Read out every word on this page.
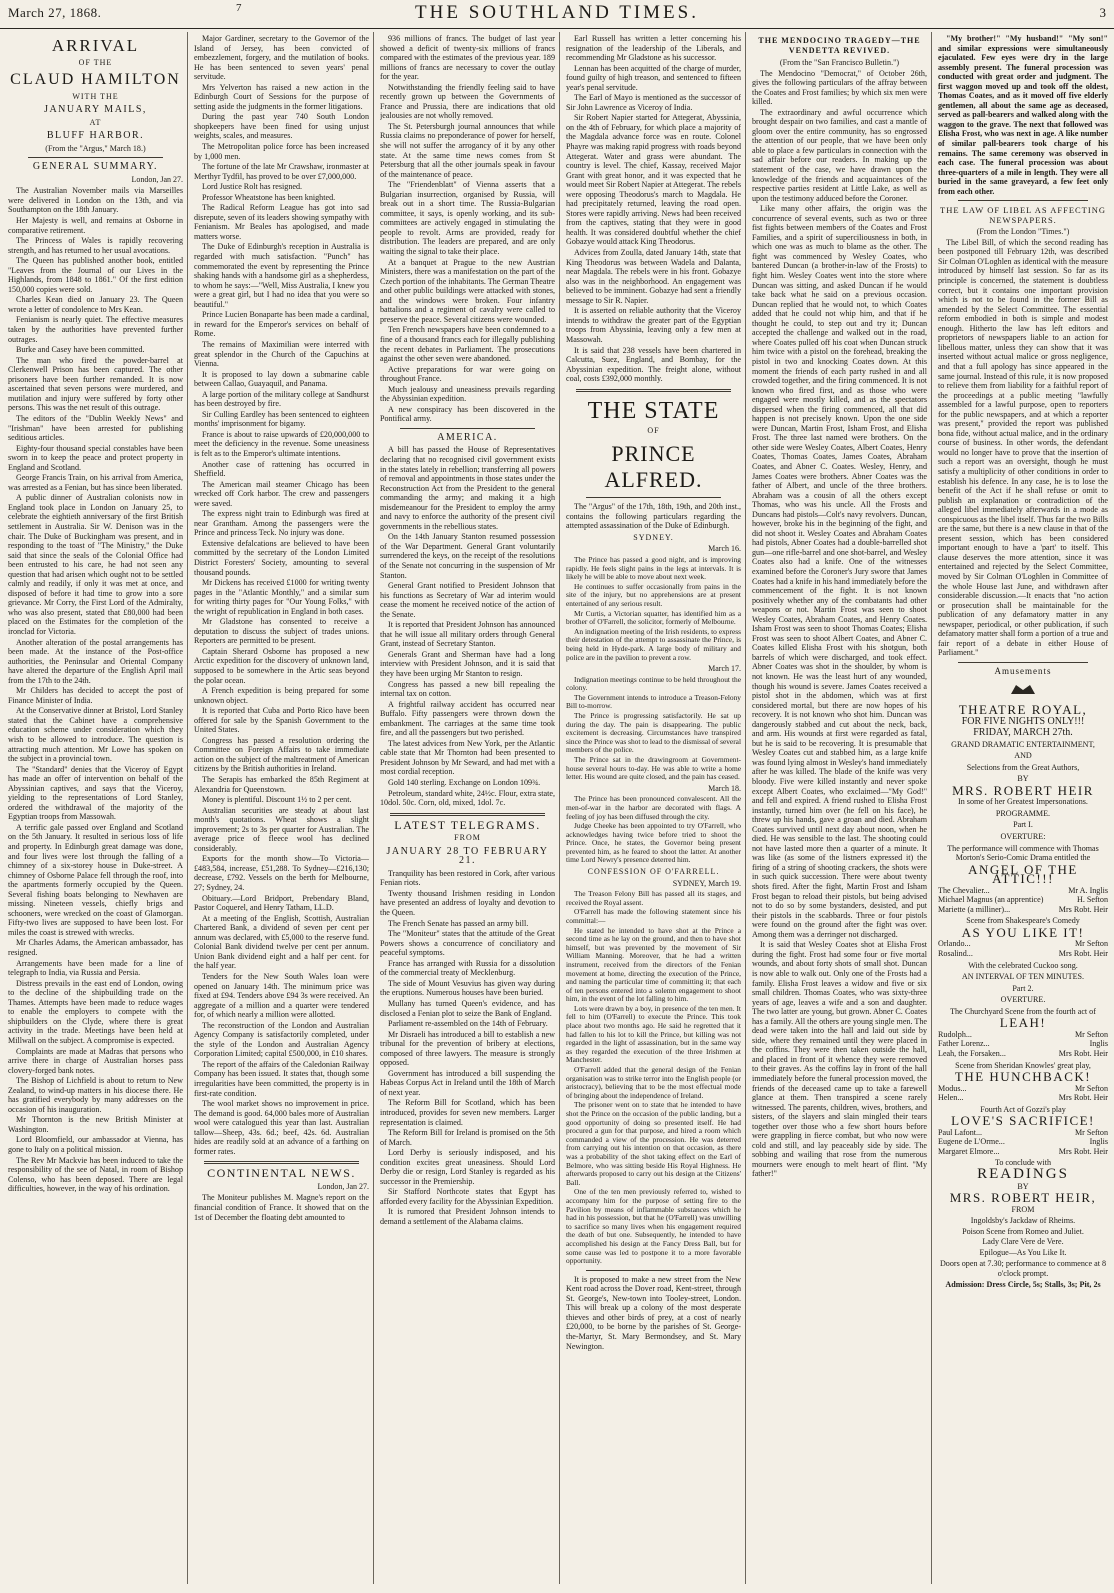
March 27, 1868.	7	THE SOUTHLAND TIMES.	3
ARRIVAL
OF THE
CLAUD HAMILTON
WITH THE
JANUARY MAILS,
AT
BLUFF HARBOR.

(From the "Argus," March 18.)

GENERAL SUMMARY.
London, Jan 27.

The Australian November mails via Marseilles were delivered in London on the 13th, and via Southampton on the 18th January.

Her Majesty is well, and remains at Osborne in comparative retirement.

The Princess of Wales is rapidly recovering strength, and has returned to her usual avocations.

The Queen has published another book, entitled "Leaves from the Journal of our Lives in the Highlands, from 1848 to 1861." Of the first edition 150,000 copies were sold.

Charles Kean died on January 23. The Queen wrote a letter of condolence to Mrs Kean.

Fenianism is nearly quiet. The effective measures taken by the authorities have prevented further outrages.

Burke and Casey have been committed.

The man who fired the powder-barrel at Clerkenwell Prison has been captured. The other prisoners have been further remanded. It is now ascertained that seven persons were murdered, and mutilation and injury were suffered by forty other persons. This was the net result of this outrage.

The editors of the "Dublin Weekly News" and "Irishman" have been arrested for publishing seditious articles.

Eighty-four thousand special constables have been sworn in to keep the peace and protect property in England and Scotland.

George Francis Train, on his arrival from America, was arrested as a Fenian, but has since been liberated.

A public dinner of Australian colonists now in England took place in London on January 25, to celebrate the eightieth anniversary of the first British settlement in Australia. Sir W. Denison was in the chair. The Duke of Buckingham was present, and in responding to the toast of "The Ministry," the Duke said that since the seals of the Colonial Office had been entrusted to his care, he had not seen any question that had arisen which ought not to be settled calmly and readily, if only it was met at once, and disposed of before it had time to grow into a sore grievance. Mr Corry, the First Lord of the Admiralty, who was also present, stated that £80,000 had been placed on the Estimates for the completion of the ironclad for Victoria.

Another alteration of the postal arrangements has been made. At the instance of the Post-office authorities, the Peninsular and Oriental Company have altered the departure of the English April mail from the 17th to the 24th.

Mr Childers has decided to accept the post of Finance Minister of India.

At the Conservative dinner at Bristol, Lord Stanley stated that the Cabinet have a comprehensive education scheme under consideration which they wish to be allowed to introduce. The question is attracting much attention. Mr Lowe has spoken on the subject in a provincial town.

The "Standard" denies that the Viceroy of Egypt has made an offer of intervention on behalf of the Abyssinian captives, and says that the Viceroy, yielding to the representations of Lord Stanley, ordered the withdrawal of the majority of the Egyptian troops from Massowah.

A terrific gale passed over England and Scotland on the 5th January. It resulted in serious loss of life and property. In Edinburgh great damage was done, and four lives were lost through the falling of a chimney of a six-storey house in Duke-street. A chimney of Osborne Palace fell through the roof, into the apartments formerly occupied by the Queen. Several fishing boats belonging to Newhaven are missing. Nineteen vessels, chiefly brigs and schooners, were wrecked on the coast of Glamorgan. Fifty-two lives are supposed to have been lost. For miles the coast is strewed with wrecks.

Mr Charles Adams, the American ambassador, has resigned.

Arrangements have been made for a line of telegraph to India, via Russia and Persia.

Distress prevails in the east end of London, owing to the decline of the shipbuilding trade on the Thames. Attempts have been made to reduce wages to enable the employers to compete with the shipbuilders on the Clyde, where there is great activity in the trade. Meetings have been held at Millwall on the subject. A compromise is expected.

Complaints are made at Madras that persons who arrive there in charge of Australian horses pass clovery-forged bank notes.

The Bishop of Lichfield is about to return to New Zealand, to wind-up matters in his diocese there. He has gratified everybody by many addresses on the occasion of his inauguration.

Mr Thornton is the new British Minister at Washington.

Lord Bloomfield, our ambassador at Vienna, has gone to Italy on a political mission.

The Rev Mr Mackvie has been induced to take the responsibility of the see of Natal, in room of Bishop Colenso, who has been deposed. There are legal difficulties, however, in the way of his ordination.

Major Gardiner, secretary to the Governor of the Island of Jersey, has been convicted of embezzlement, forgery, and the mutilation of books. He has been sentenced to seven years' penal servitude.

Mrs Yelverton has raised a new action in the Edinburgh Court of Sessions for the purpose of setting aside the judgments in the former litigations.

During the past year 740 South London shopkeepers have been fined for using unjust weights, scales, and measures.

The Metropolitan police force has been increased by 1,000 men.

The fortune of the late Mr Crawshaw, ironmaster at Merthyr Tydfil, has proved to be over £7,000,000.

Lord Justice Rolt has resigned.

Professor Wheatstone has been knighted.

The Radical Reform League has got into sad disrepute, seven of its leaders showing sympathy with Fenianism. Mr Beales has apologised, and made matters worse.

The Duke of Edinburgh's reception in Australia is regarded with much satisfaction. "Punch" has commemorated the event by representing the Prince shaking hands with a handsome girl as a shepherdess, to whom he says:—"Well, Miss Australia, I knew you were a great girl, but I had no idea that you were so beautiful."

Prince Lucien Bonaparte has been made a cardinal, in reward for the Emperor's services on behalf of Rome.

The remains of Maximilian were interred with great splendor in the Church of the Capuchins at Vienna.

It is proposed to lay down a submarine cable between Callao, Guayaquil, and Panama.

A large portion of the military college at Sandhurst has been destroyed by fire.

Sir Culling Eardley has been sentenced to eighteen months' imprisonment for bigamy.

France is about to raise upwards of £20,000,000 to meet the deficiency in the revenue. Some uneasiness is felt as to the Emperor's ultimate intentions.

Another case of rattening has occurred in Sheffield.

The American mail steamer Chicago has been wrecked off Cork harbor. The crew and passengers were saved.

The express night train to Edinburgh was fired at near Grantham. Among the passengers were the Prince and princess Teck. No injury was done.

Extensive defalcations are believed to have been committed by the secretary of the London Limited District Foresters' Society, amounting to several thousand pounds.

Mr Dickens has received £1000 for writing twenty pages in the "Atlantic Monthly," and a similar sum for writing thirty pages for "Our Young Folks," with the wright of republication in England in both cases.

Mr Gladstone has consented to receive a deputation to discuss the subject of trades unions. Reporters are permitted to be present.

Captain Sherard Osborne has proposed a new Arctic expedition for the discovery of unknown land, supposed to be somewhere in the Artic seas beyond the polar ocean.

A French expedition is being prepared for some unknown object.

It is reported that Cuba and Porto Rico have been offered for sale by the Spanish Government to the United States.

Congress has passed a resolution ordering the Committee on Foreign Affairs to take immediate action on the subject of the maltreatment of American citizens by the British authorities in Ireland.

The Serapis has embarked the 85th Regiment at Alexandria for Queenstown.

Money is plentiful. Discount 1½ to 2 per cent.

Australian securities are steady at about last month's quotations. Wheat shows a slight improvement; 2s to 3s per quarter for Australian. The average price of fleece wool has declined considerably.

Exports for the month show—To Victoria—£483,584, increase, £51,288. To Sydney—£216,130; decrease, £792. Vessels on the berth for Melbourne, 27; Sydney, 24.

Obituary.—Lord Bridport, Prebendary Bland, Pastor Coquerel, and Henry Tatham, LL.D.

At a meeting of the English, Scottish, Australian Chartered Bank, a dividend of seven per cent per annum was declared, with £5,000 to the reserve fund. Colonial Bank dividend twelve per cent per annum. Union Bank dividend eight and a half per cent. for the half year.

Tenders for the New South Wales loan were opened on January 14th. The minimum price was fixed at £94. Tenders above £94 3s were received. An aggregate of a million and a quarter were tendered for, of which nearly a million were allotted.

The reconstruction of the London and Australian Agency Company is satisfactorily completed, under the style of the London and Australian Agency Corporation Limited; capital £500,000, in £10 shares.

The report of the affairs of the Caledonian Railway Company has been issued. It states that, though some irregularities have been committed, the property is in first-rate condition.

The wool market shows no improvement in price. The demand is good. 64,000 bales more of Australian wool were catalogued this year than last. Australian tallow—Sheep, 43s. 6d.; beef, 42s. 6d. Australian hides are readily sold at an advance of a farthing on former rates.

CONTINENTAL NEWS.
London, Jan 27.

The Moniteur publishes M. Magne's report on the financial condition of France. It showed that on the 1st of December the floating debt amounted to

936 millions of francs. The budget of last year showed a deficit of twenty-six millions of francs compared with the estimates of the previous year. 189 millions of francs are necessary to cover the outlay for the year.

Notwithstanding the friendly feeling said to have recently grown up between the Governments of France and Prussia, there are indications that old jealousies are not wholly removed.

The St. Petersburgh journal announces that while Russia claims no preponderance of power for herself, she will not suffer the arrogancy of it by any other state. At the same time news comes from St Petersburg that all the other journals speak in favour of the maintenance of peace.

The "Friendenblatt" of Vienna asserts that a Bulgarian insurrection, organised by Russia, will break out in a short time. The Russia-Bulgarian committee, it says, is openly working, and its sub-committees are actively engaged in stimulating the people to revolt. Arms are provided, ready for distribution. The leaders are prepared, and are only waiting the signal to take their place.

At a banquet at Prague to the new Austrian Ministers, there was a manifestation on the part of the Czech portion of the inhabitants. The German Theatre and other public buildings were attacked with stones, and the windows were broken. Four infantry battalions and a regiment of cavalry were called to preserve the peace. Several citizens were wounded.

Ten French newspapers have been condemned to a fine of a thousand francs each for illegally publishing the recent debates in Parliament. The prosecutions against the other seven were abandoned.

Active preparations for war were going on throughout France.

Much jealousy and uneasiness prevails regarding the Abyssinian expedition.

A new conspiracy has been discovered in the Pontifical army.

AMERICA.

A bill has passed the House of Representatives declaring that no recognised civil government exists in the states lately in rebellion; transferring all powers of removal and appointments in those states under the Reconstruction Act from the President to the general commanding the army; and making it a high misdemeanour for the President to employ the army and navy to enforce the authority of the present civil governments in the rebellious states.

On the 14th January Stanton resumed possession of the War Department. General Grant voluntarily surrendered the keys, on the receipt of the resolutions of the Senate not concurring in the suspension of Mr Stanton.

General Grant notified to President Johnson that his functions as Secretary of War ad interim would cease the moment he received notice of the action of the Senate.

It is reported that President Johnson has announced that he will issue all military orders through General Grant, instead of Secretary Stanton.

Generals Grant and Sherman have had a long interview with President Johnson, and it is said that they have been urging Mr Stanton to resign.

Congress has passed a new bill repealing the internal tax on cotton.

A frightful railway accident has occurred near Buffalo. Fifty passengers were thrown down the embankment. The carriages at the same time took fire, and all the passengers but two perished.

The latest advices from New York, per the Atlantic cable state that Mr Thornton had been presented to President Johnson by Mr Seward, and had met with a most cordial reception.

Gold 140 sterling. Exchange on London 109¾.

Petroleum, standard white, 24½c. Flour, extra state, 10dol. 50c. Corn, old, mixed, 1dol. 7c.

LATEST TELEGRAMS.
FROM
JANUARY 28 TO FEBRUARY 21.

Tranquility has been restored in Cork, after various Fenian riots.

Twenty thousand Irishmen residing in London have presented an address of loyalty and devotion to the Queen.

The French Senate has passed an army bill.

The "Moniteur" states that the attitude of the Great Powers shows a concurrence of conciliatory and peaceful symptoms.

France has arranged with Russia for a dissolution of the commercial treaty of Mecklenburg.

The side of Mount Vesuvius has given way during the eruptions. Numerous houses have been buried.

Mullany has turned Queen's evidence, and has disclosed a Fenian plot to seize the Bank of England.

Parliament re-assembled on the 14th of February.

Mr Disraeli has introduced a bill to establish a new tribunal for the prevention of bribery at elections, composed of three lawyers. The measure is strongly opposed.

Government has introduced a bill suspending the Habeas Corpus Act in Ireland until the 18th of March of next year.

The Reform Bill for Scotland, which has been introduced, provides for seven new members. Larger representation is claimed.

The Reform Bill for Ireland is promised on the 5th of March.

Lord Derby is seriously indisposed, and his condition excites great uneasiness. Should Lord Derby die or resign, Lord Stanley is regarded as his successor in the Premiership.

Sir Stafford Northcote states that Egypt has afforded every facility for the Abyssinian Expedition.

It is rumored that President Johnson intends to demand a settlement of the Alabama claims.

Earl Russell has written a letter concerning his resignation of the leadership of the Liberals, and recommending Mr Gladstone as his successor.

Lennan has been acquitted of the charge of murder, found guilty of high treason, and sentenced to fifteen year's penal servitude.

The Earl of Mayo is mentioned as the successor of Sir John Lawrence as Viceroy of India.

Sir Robert Napier started for Attegerat, Abyssinia, on the 4th of February, for which place a majority of the Magdala advance force was en route. Colonel Phayre was making rapid progress with roads beyond Attegerat. Water and grass were abundant. The country is level. The chief, Kassay, received Major Grant with great honor, and it was expected that he would meet Sir Robert Napier at Attegerat. The rebels were opposing Theodorus's march to Magdala. He had precipitately returned, leaving the road open. Stores were rapidly arriving. News had been received from the captives, stating that they were in good health. It was considered doubtful whether the chief Gobazye would attack King Theodorus.

Advices from Zoulla, dated January 14th, state that King Theodorus was between Wadela and Dalanta, near Magdala. The rebels were in his front. Gobazye also was in the neighborhood. An engagement was believed to be imminent. Gobazye had sent a friendly message to Sir R. Napier.

It is asserted on reliable authority that the Viceroy intends to withdraw the greater part of the Egyptian troops from Abyssinia, leaving only a few men at Massowah.

It is said that 238 vessels have been chartered in Calcutta, Suez, England, and Bombay, for the Abyssinian expedition. The freight alone, without coal, costs £392,000 monthly.

THE STATE
OF
PRINCE ALFRED.

The "Argus" of the 17th, 18th, 19th, and 20th inst., contains the following particulars regarding the attempted assassination of the Duke of Edinburgh.

SYDNEY.
March 16.

The Prince has passed a good night, and is improving rapidly. He feels slight pains in the legs at intervals. It is likely he will be able to move about next week.

He continues to suffer occasionally from pains in the site of the injury, but no apprehensions are at present entertained of any serious result.

Mr Curtis, a Victorian squatter, has identified him as a brother of O'Farrell, the solicitor, formerly of Melbourne.

An indignation meeting of the Irish residents, to express their detestation of the attempt to assassinate the Prince, is being held in Hyde-park. A large body of military and police are in the pavilion to prevent a row.

March 17.

Indignation meetings continue to be held throughout the colony.

The Government intends to introduce a Treason-Felony Bill to-morrow.

The Prince is progressing satisfactorily. He sat up during the day. The pain is disappearing. The public excitement is decreasing. Circumstances have transpired since the Prince was shot to lead to the dismissal of several members of the police.

The Prince sat in the drawingroom at Government-house several hours to-day. He was able to write a home letter. His wound are quite closed, and the pain has ceased.

March 18.

The Prince has been pronounced convalescent. All the men-of-war in the harbor are decorated with flags. A feeling of joy has been diffused through the city.

Judge Cheeke has been appointed to try O'Farrell, who acknowledges having twice before tried to shoot the Prince. Once, he states, the Governor being present prevented him, as he feared to shoot the latter. At another time Lord Newry's presence deterred him.

CONFESSION OF O'FARRELL.
SYDNEY, March 19.

The Treason Felony Bill has passed all its stages, and received the Royal assent.

O'Farrell has made the following statement since his committal:—

He stated he intended to have shot at the Prince a second time as he lay on the ground, and then to have shot himself, but was prevented by the movement of Sir William Manning. Moreover, that he had a written instrument, received from the directors of the Fenian movement at home, directing the execution of the Prince, and naming the particular time of committing it; that each of ten persons entered into a solemn engagement to shoot him, in the event of the lot falling to him.

Lots were drawn by a boy, in presence of the ten men. It fell to him (O'Farrell) to execute the Prince. This took place about two months ago. He said he regretted that it had fallen to his lot to kill the Prince, but killing was not regarded in the light of assassination, but in the same way as they regarded the execution of the three Irishmen at Manchester.

O'Farrell added that the general design of the Fenian organisation was to strike terror into the English people (or aristocracy), believing that to be the most effectual mode of bringing about the independence of Ireland.

The prisoner went on to state that he intended to have shot the Prince on the occasion of the public landing, but a good opportunity of doing so presented itself. He had procured a gun for that purpose, and hired a room which commanded a view of the procession. He was deterred from carrying out his intention on that occasion, as there was a probability of the shot taking effect on the Earl of Belmore, who was sitting beside His Royal Highness. He afterwards proposed to carry out his design at the Citizens' Ball.

One of the ten men previously referred to, wished to accompany him for the purpose of setting fire to the Pavilion by means of inflammable substances which he had in his possession, but that he (O'Farrell) was unwilling to sacrifice so many lives when his engagement required the death of but one. Subsequently, he intended to have accomplished his design at the Fancy Dress Ball, but for some cause was led to postpone it to a more favorable opportunity.

It is proposed to make a new street from the New Kent road across the Dover road, Kent-street, through St. George's, New-town into Tooley-street, London. This will break up a colony of the most desperate thieves and other birds of prey, at a cost of nearly £20,000, to be borne by the parishes of St. George-the-Martyr, St. Mary Bermondsey, and St. Mary Newington.

THE MENDOCINO TRAGEDY—THE VENDETTA REVIVED.

(From the "San Francisco Bulletin.")

The Mendocino "Democrat," of October 26th, gives the following particulars of the affray between the Coates and Frost families; by which six men were killed.

The extraordinary and awful occurrence which brought despair on two families, and cast a mantle of gloom over the entire community, has so engrossed the attention of our people, that we have been only able to place a few particulars in connection with the sad affair before our readers. In making up the statement of the case, we have drawn upon the knowledge of the friends and acquaintances of the respective parties resident at Little Lake, as well as upon the testimony adduced before the Coroner.

Like many other affairs, the origin was the concurrence of several events, such as two or three fist fights between members of the Coates and Frost Families, and a spirit of superciliousness in both, in which one was as much to blame as the other. The fight was commenced by Wesley Coates, who bantered Duncan (a brother-in-law of the Frosts) to fight him. Wesley Coates went into the store where Duncan was sitting, and asked Duncan if he would take back what he said on a previous occasion. Duncan replied that he would not, to which Coates added that he could not whip him, and that if he thought he could, to step out and try it; Duncan accepted the challenge and walked out in the road, where Coates pulled off his coat when Duncan struck him twice with a pistol on the forehead, breaking the pistol in two and knocking Coates down. At this moment the friends of each party rushed in and all crowded together, and the firing commenced. It is not known who fired first, and as those who were engaged were mostly killed, and as the spectators dispersed when the firing commenced, all that did happen is not precisely known. Upon the one side were Duncan, Martin Frost, Isham Frost, and Elisha Frost. The three last named were brothers. On the other side were Wesley Coates, Albert Coates, Henry Coates, Thomas Coates, James Coates, Abraham Coates, and Abner C. Coates. Wesley, Henry, and James Coates were brothers. Abner Coates was the father of Albert, and uncle of the three brothers. Abraham was a cousin of all the others except Thomas, who was his uncle. All the Frosts and Duncans had pistols—Colt's navy revolvers. Duncan, however, broke his in the beginning of the fight, and did not shoot it. Wesley Coates and Abraham Coates had pistols, Abner Coates had a double-barrelled shot gun—one rifle-barrel and one shot-barrel, and Wesley Coates also had a knife. One of the witnesses examined before the Coroner's Jury swore that James Coates had a knife in his hand immediately before the commencement of the fight. It is not known positively whether any of the combatants had other weapons or not. Martin Frost was seen to shoot Wesley Coates, Abraham Coates, and Henry Coates. Isham Frost was seen to shoot Thomas Coates; Elisha Frost was seen to shoot Albert Coates, and Abner C. Coates killed Elisha Frost with his shotgun, both barrels of which were discharged, and took effect. Abner Coates was shot in the shoulder, by whom is not known. He was the least hurt of any wounded, though his wound is severe. James Coates received a pistol shot in the abdomen, which was at first considered mortal, but there are now hopes of his recovery. It is not known who shot him. Duncan was dangerously stabbed and cut about the neck, back, and arm. His wounds at first were regarded as fatal, but he is said to be recovering. It is presumable that Wesley Coates cut and stabbed him, as a large knife was found lying almost in Wesley's hand immediately after he was killed. The blade of the knife was very bloody. Five were killed instantly and never spoke except Albert Coates, who exclaimed—"My God!" and fell and expired. A friend rushed to Elisha Frost instantly, turned him over (he fell on his face), he threw up his hands, gave a groan and died. Abraham Coates survived until next day about noon, when he died. He was sensible to the last. The shooting could not have lasted more then a quarter of a minute. It was like (as some of the listners expressed it) the firing of a string of shooting crackers, the shots were in such quick succession. There were about twenty shots fired. After the fight, Martin Frost and Isham Frost began to reload their pistols, but being advised not to do so by some bystanders, desisted, and put their pistols in the scabbards. Three or four pistols were found on the ground after the fight was over. Among them was a derringer not discharged.

It is said that Wesley Coates shot at Elisha Frost during the fight. Frost had some four or five mortal wounds, and about forty shots of small shot. Duncan is now able to walk out. Only one of the Frosts had a family. Elisha Frost leaves a widow and five or six small children. Thomas Coates, who was sixty-three years of age, leaves a wife and a son and daughter. The two latter are young, but grown. Abner C. Coates has a family. All the others are young single men. The dead were taken into the hall and laid out side by side, where they remained until they were placed in the coffins. They were then taken outside the hall, and placed in front of it whence they were removed to their graves. As the coffins lay in front of the hall immediately before the funeral procession moved, the friends of the deceased came up to take a farewell glance at them. Then transpired a scene rarely witnessed. The parents, children, wives, brothers, and sisters, of the slayers and slain mingled their tears together over those who a few short hours before were grappling in fierce combat, but who now were cold and still, and lay peaceably side by side. The sobbing and wailing that rose from the numerous mourners were enough to melt heart of flint. "My father!"

"My brother!" "My husband!" "My son!" and similar expressions were simultaneously ejaculated. Few eyes were dry in the large assembly present. The funeral procession was conducted with great order and judgment. The first waggon moved up and took off the oldest, Thomas Coates, and as it moved off five elderly gentlemen, all about the same age as deceased, served as pall-bearers and walked along with the waggon to the grave. The next that followed was Elisha Frost, who was next in age. A like number of similar pall-bearers took charge of his remains. The same ceremony was observed in each case. The funeral procession was about three-quarters of a mile in length. They were all buried in the same graveyard, a few feet only from each other.

THE LAW OF LIBEL AS AFFECTING NEWSPAPERS.

(From the London "Times.")

The Libel Bill, of which the second reading has been postponed till February 12th, was described Sir Colman O'Loghlen as identical with the measure introduced by himself last session. So far as its principle is concerned, the statement is doubtless correct, but it contains one important provision which is not to be found in the former Bill as amended by the Select Committee. The essential reform embodied in both is simple and modest enough. Hitherto the law has left editors and proprietors of newspapers liable to an action for libellous matter, unless they can show that it was inserted without actual malice or gross negligence, and that a full apology has since appeared in the same journal. Instead of this rule, it is now proposed to relieve them from liability for a faithful report of the proceedings at a public meeting "lawfully assembled for a lawful purpose, open to reporters for the public newspapers, and at which a reporter was present," provided the report was published bona fide, without actual malice, and in the ordinary course of business. In other words, the defendant would no longer have to prove that the insertion of such a report was an oversight, though he must satisfy a multiplicity of other conditions in order to establish his defence. In any case, he is to lose the benefit of the Act if he shall refuse or omit to publish an explanation or contradiction of the alleged libel immediately afterwards in a mode as conspicuous as the libel itself. Thus far the two Bills are the same, but there is a new clause in that of the present session, which has been considered important enough to have a 'part' to itself. This clause deserves the more attention, since it was entertained and rejected by the Select Committee, moved by Sir Colman O'Loghlen in Committee of the whole House last June, and withdrawn after considerable discussion.—It enacts that "no action or prosecution shall be maintainable for the publication of any defamatory matter in any newspaper, periodical, or other publication, if such defamatory matter shall form a portion of a true and fair report of a debate in either House of Parliament."

Amusements
THEATRE ROYAL,
FOR FIVE NIGHTS ONLY!!!
FRIDAY, MARCH 27th.
GRAND DRAMATIC ENTERTAINMENT,
AND
Selections from the Great Authors,
BY
MRS. ROBERT HEIR
In some of her Greatest Impersonations.
PROGRAMME.
Part I.
OVERTURE:
The performance will commence with Thomas Morton's Serio-Comic Drama entitled the
ANGEL OF THE ATTIC!!!
The Chevalier...	Mr A. Inglis
Michael Magnus (an apprentice)	H. Sefton
Mariette (a milliner)...	Mrs Robt. Heir
Scene from Shakespeare's Comedy
AS YOU LIKE IT!
Orlando...	Mr Sefton
Rosalind...	Mrs Robt. Heir
With the celebrated Cuckoo song.
AN INTERVAL OF TEN MINUTES.
Part 2.
OVERTURE.
The Churchyard Scene from the fourth act of
LEAH!
Rudolph...	Mr Sefton
Father Lorenz...	Inglis
Leah, the Forsaken...	Mrs Robt. Heir
Scene from Sheridan Knowles' great play,
THE HUNCHBACK!
Modus...	Mr Sefton
Helen...	Mrs Robt. Heir
Fourth Act of Gozzi's play
LOVE'S SACRIFICE!
Paul Lafont...	Mr Sefton
Eugene de L'Orme...	Inglis
Margaret Elmore...	Mrs Robt. Heir
To conclude with
READINGS
BY
MRS. ROBERT HEIR,
FROM

Ingoldsby's Jackdaw of Rheims.

Poison Scene from Romeo and Juliet.

Lady Clare Vere de Vere.

Epilogue—As You Like It.

Doors open at 7.30; performance to commence at 8 o'clock prompt.
Admission: Dress Circle, 5s; Stalls, 3s; Pit, 2s
